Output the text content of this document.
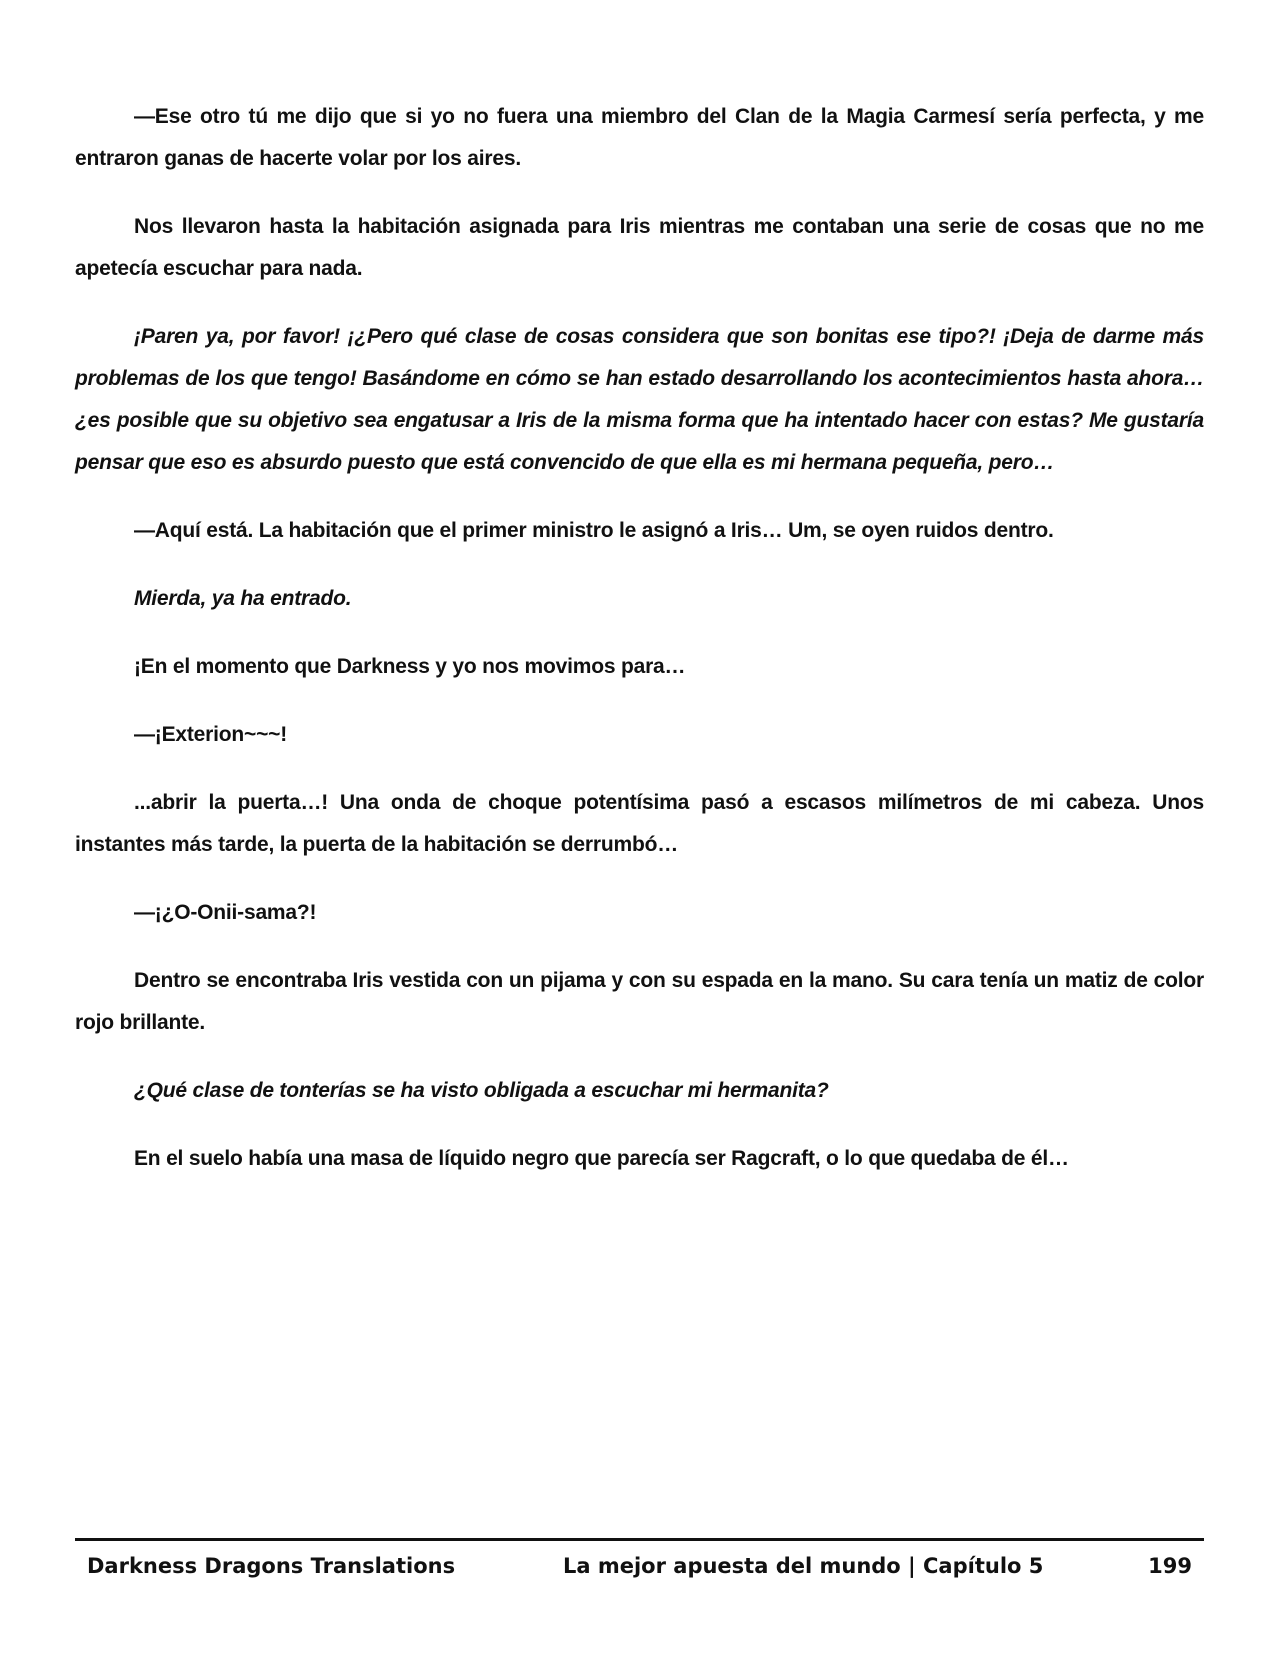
—Ese otro tú me dijo que si yo no fuera una miembro del Clan de la Magia Carmesí sería perfecta, y me entraron ganas de hacerte volar por los aires.

Nos llevaron hasta la habitación asignada para Iris mientras me contaban una serie de cosas que no me apetecía escuchar para nada.

¡Paren ya, por favor! ¡¿Pero qué clase de cosas considera que son bonitas ese tipo?! ¡Deja de darme más problemas de los que tengo! Basándome en cómo se han estado desarrollando los acontecimientos hasta ahora… ¿es posible que su objetivo sea engatusar a Iris de la misma forma que ha intentado hacer con estas? Me gustaría pensar que eso es absurdo puesto que está convencido de que ella es mi hermana pequeña, pero…

—Aquí está. La habitación que el primer ministro le asignó a Iris… Um, se oyen ruidos dentro.

Mierda, ya ha entrado.

¡En el momento que Darkness y yo nos movimos para…

—¡Exterion~~~!

...abrir la puerta…! Una onda de choque potentísima pasó a escasos milímetros de mi cabeza. Unos instantes más tarde, la puerta de la habitación se derrumbó…

—¡¿O-Onii-sama?!

Dentro se encontraba Iris vestida con un pijama y con su espada en la mano. Su cara tenía un matiz de color rojo brillante.

¿Qué clase de tonterías se ha visto obligada a escuchar mi hermanita?

En el suelo había una masa de líquido negro que parecía ser Ragcraft, o lo que quedaba de él…

Darkness Dragons Translations	La mejor apuesta del mundo | Capítulo 5	199
